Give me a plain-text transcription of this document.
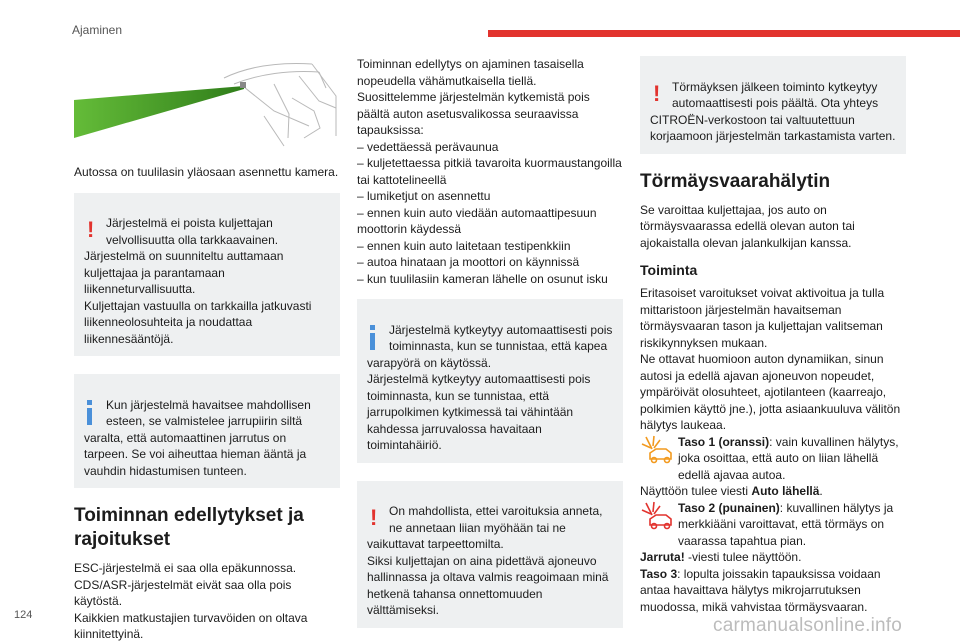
Ajaminen

Autossa on tuulilasin yläosaan asennettu kamera.

! Järjestelmä ei poista kuljettajan velvollisuutta olla tarkkaavainen.
Järjestelmä on suunniteltu auttamaan kuljettajaa ja parantamaan liikenneturvallisuutta.
Kuljettajan vastuulla on tarkkailla jatkuvasti liikenneolosuhteita ja noudattaa liikennesääntöjä.

Kun järjestelmä havaitsee mahdollisen esteen, se valmistelee jarrupiirin siltä varalta, että automaattinen jarrutus on tarpeen. Se voi aiheuttaa hieman ääntä ja vauhdin hidastumisen tunteen.

Toiminnan edellytykset ja rajoitukset

ESC-järjestelmä ei saa olla epäkunnossa.
CDS/ASR-järjestelmät eivät saa olla pois käytöstä.
Kaikkien matkustajien turvavöiden on oltava kiinnitettyinä.

Toiminnan edellytys on ajaminen tasaisella nopeudella vähämutkaisella tiellä.
Suosittelemme järjestelmän kytkemistä pois päältä auton asetusvalikossa seuraavissa tapauksissa:
– vedettäessä perävaunua
– kuljetettaessa pitkiä tavaroita kuormaustangoilla tai kattotelineellä
– lumiketjut on asennettu
– ennen kuin auto viedään automaattipesuun moottorin käydessä
– ennen kuin auto laitetaan testipenkkiin
– autoa hinataan ja moottori on käynnissä
– kun tuulilasiin kameran lähelle on osunut isku

Järjestelmä kytkeytyy automaattisesti pois toiminnasta, kun se tunnistaa, että kapea varapyörä on käytössä.
Järjestelmä kytkeytyy automaattisesti pois toiminnasta, kun se tunnistaa, että jarrupolkimen kytkimessä tai vähintään kahdessa jarruvalossa havaitaan toimintahäiriö.

! On mahdollista, ettei varoituksia anneta, ne annetaan liian myöhään tai ne vaikuttavat tarpeettomilta.
Siksi kuljettajan on aina pidettävä ajoneuvo hallinnassa ja oltava valmis reagoimaan minä hetkenä tahansa onnettomuuden välttämiseksi.

! Törmäyksen jälkeen toiminto kytkeytyy automaattisesti pois päältä. Ota yhteys CITROËN-verkostoon tai valtuutettuun korjaamoon järjestelmän tarkastamista varten.

Törmäysvaarahälytin

Se varoittaa kuljettajaa, jos auto on törmäysvaarassa edellä olevan auton tai ajokaistalla olevan jalankulkijan kanssa.

Toiminta

Eritasoiset varoitukset voivat aktivoitua ja tulla mittaristoon järjestelmän havaitseman törmäysvaaran tason ja kuljettajan valitseman riskikynnyksen mukaan.
Ne ottavat huomioon auton dynamiikan, sinun autosi ja edellä ajavan ajoneuvon nopeudet, ympäröivät olosuhteet, ajotilanteen (kaarreajo, polkimien käyttö jne.), jotta asiaankuuluva välitön hälytys laukeaa.

Taso 1 (oranssi): vain kuvallinen hälytys, joka osoittaa, että auto on liian lähellä edellä ajavaa autoa.

Näyttöön tulee viesti Auto lähellä.

Taso 2 (punainen): kuvallinen hälytys ja merkkiääni varoittavat, että törmäys on vaarassa tapahtua pian.

Jarruta! -viesti tulee näyttöön.

Taso 3: lopulta joissakin tapauksissa voidaan antaa havaittava hälytys mikrojarrutuksen muodossa, mikä vahvistaa törmäysvaaran.

124	carmanualsonline.info
